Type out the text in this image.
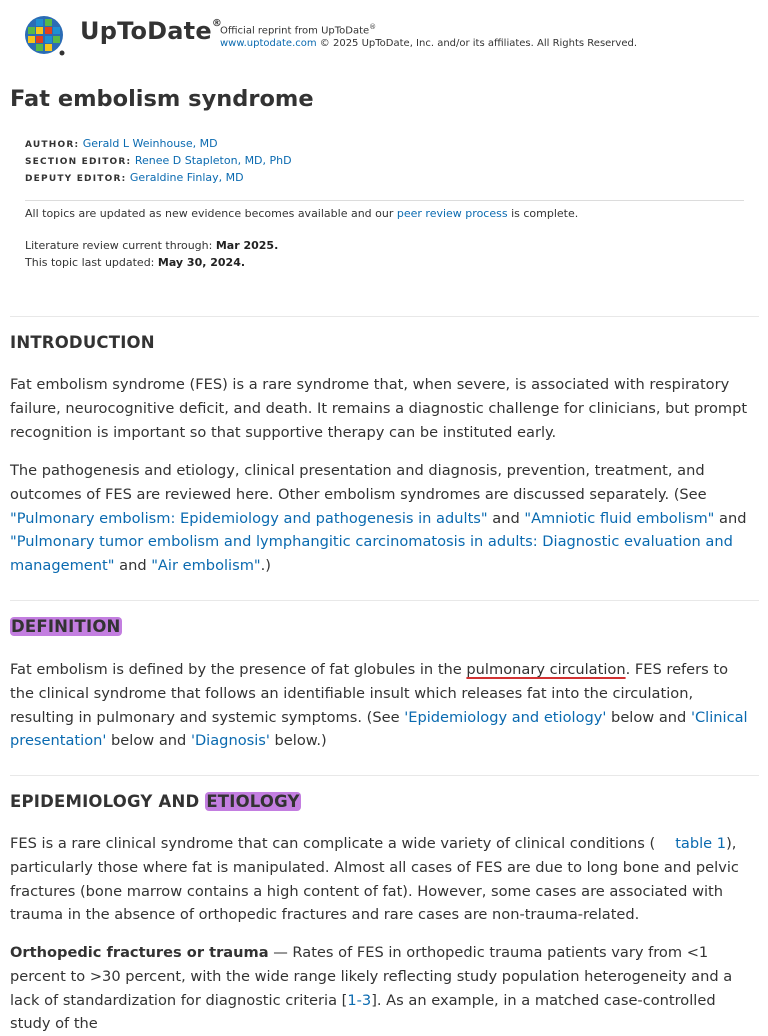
UpToDate®
Official reprint from UpToDate®
www.uptodate.com © 2025 UpToDate, Inc. and/or its affiliates. All Rights Reserved.
Fat embolism syndrome
AUTHOR: Gerald L Weinhouse, MD
SECTION EDITOR: Renee D Stapleton, MD, PhD
DEPUTY EDITOR: Geraldine Finlay, MD
All topics are updated as new evidence becomes available and our peer review process is complete.
Literature review current through: Mar 2025.
This topic last updated: May 30, 2024.
INTRODUCTION

Fat embolism syndrome (FES) is a rare syndrome that, when severe, is associated with respiratory failure, neurocognitive deficit, and death. It remains a diagnostic challenge for clinicians, but prompt recognition is important so that supportive therapy can be instituted early.

The pathogenesis and etiology, clinical presentation and diagnosis, prevention, treatment, and outcomes of FES are reviewed here. Other embolism syndromes are discussed separately. (See "Pulmonary embolism: Epidemiology and pathogenesis in adults" and "Amniotic fluid embolism" and "Pulmonary tumor embolism and lymphangitic carcinomatosis in adults: Diagnostic evaluation and management" and "Air embolism".)

DEFINITION

Fat embolism is defined by the presence of fat globules in the pulmonary circulation. FES refers to the clinical syndrome that follows an identifiable insult which releases fat into the circulation, resulting in pulmonary and systemic symptoms. (See 'Epidemiology and etiology' below and 'Clinical presentation' below and 'Diagnosis' below.)

EPIDEMIOLOGY AND ETIOLOGY

FES is a rare clinical syndrome that can complicate a wide variety of clinical conditions ( table 1), particularly those where fat is manipulated. Almost all cases of FES are due to long bone and pelvic fractures (bone marrow contains a high content of fat). However, some cases are associated with trauma in the absence of orthopedic fractures and rare cases are non-trauma-related.

Orthopedic fractures or trauma — Rates of FES in orthopedic trauma patients vary from <1 percent to >30 percent, with the wide range likely reflecting study population heterogeneity and a lack of standardization for diagnostic criteria [1-3]. As an example, in a matched case-controlled study of the
